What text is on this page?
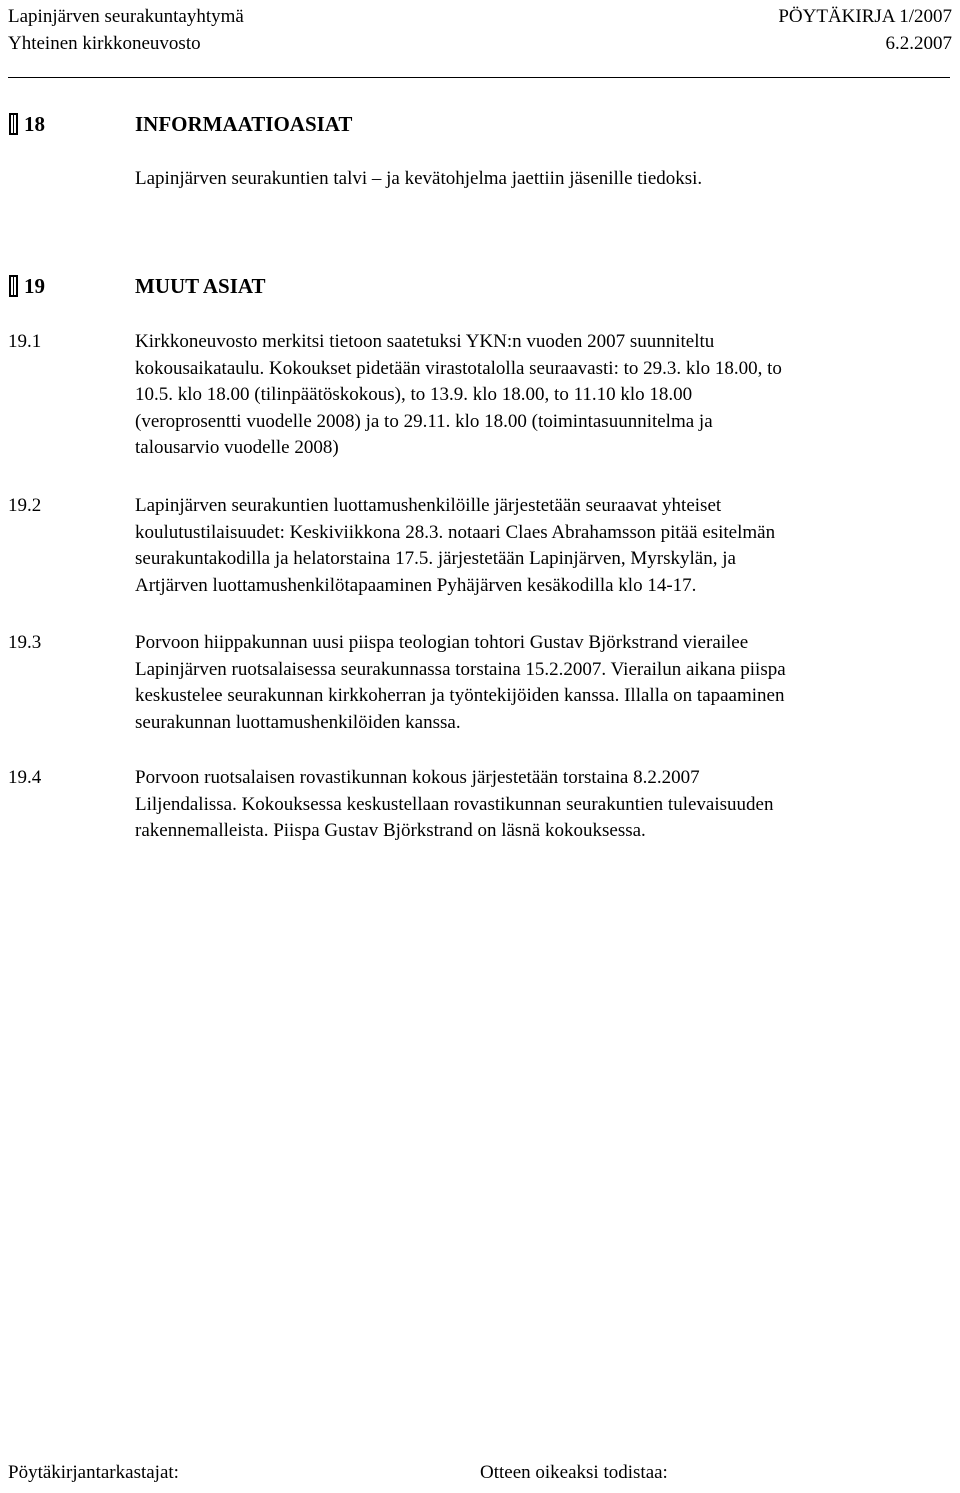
Lapinjärven seurakuntayhtymä	PÖYTÄKIRJA 1/2007
Yhteinen kirkkoneuvosto	6.2.2007
18	INFORMAATIOASIAT
Lapinjärven seurakuntien talvi – ja kevätohjelma jaettiin jäsenille tiedoksi.
19	MUUT ASIAT
19.1	Kirkkoneuvosto merkitsi tietoon saatetuksi YKN:n vuoden 2007 suunniteltu
kokousaikataulu. Kokoukset pidetään virastotalolla seuraavasti: to 29.3. klo 18.00, to
10.5. klo 18.00 (tilinpäätöskokous), to 13.9. klo 18.00, to 11.10 klo 18.00
(veroprosentti vuodelle 2008) ja to 29.11. klo 18.00 (toimintasuunnitelma ja
talousarvio vuodelle 2008)
19.2	Lapinjärven seurakuntien luottamushenkilöille järjestetään seuraavat yhteiset
koulutustilaisuudet: Keskiviikkona 28.3. notaari Claes Abrahamsson pitää esitelmän
seurakuntakodilla ja helatorstaina 17.5. järjestetään Lapinjärven, Myrskylän, ja
Artjärven luottamushenkilötapaaminen Pyhäjärven kesäkodilla klo 14-17.
19.3	Porvoon hiippakunnan uusi piispa teologian tohtori Gustav Björkstrand vierailee
Lapinjärven ruotsalaisessa seurakunnassa torstaina 15.2.2007. Vierailun aikana piispa
keskustelee seurakunnan kirkkoherran ja työntekijöiden kanssa. Illalla on tapaaminen
seurakunnan luottamushenkilöiden kanssa.
19.4	Porvoon ruotsalaisen rovastikunnan kokous järjestetään torstaina 8.2.2007
Liljendalissa. Kokouksessa keskustellaan rovastikunnan seurakuntien tulevaisuuden
rakennemalleista. Piispa Gustav Björkstrand on läsnä kokouksessa.
Pöytäkirjantarkastajat:	Otteen oikeaksi todistaa:
